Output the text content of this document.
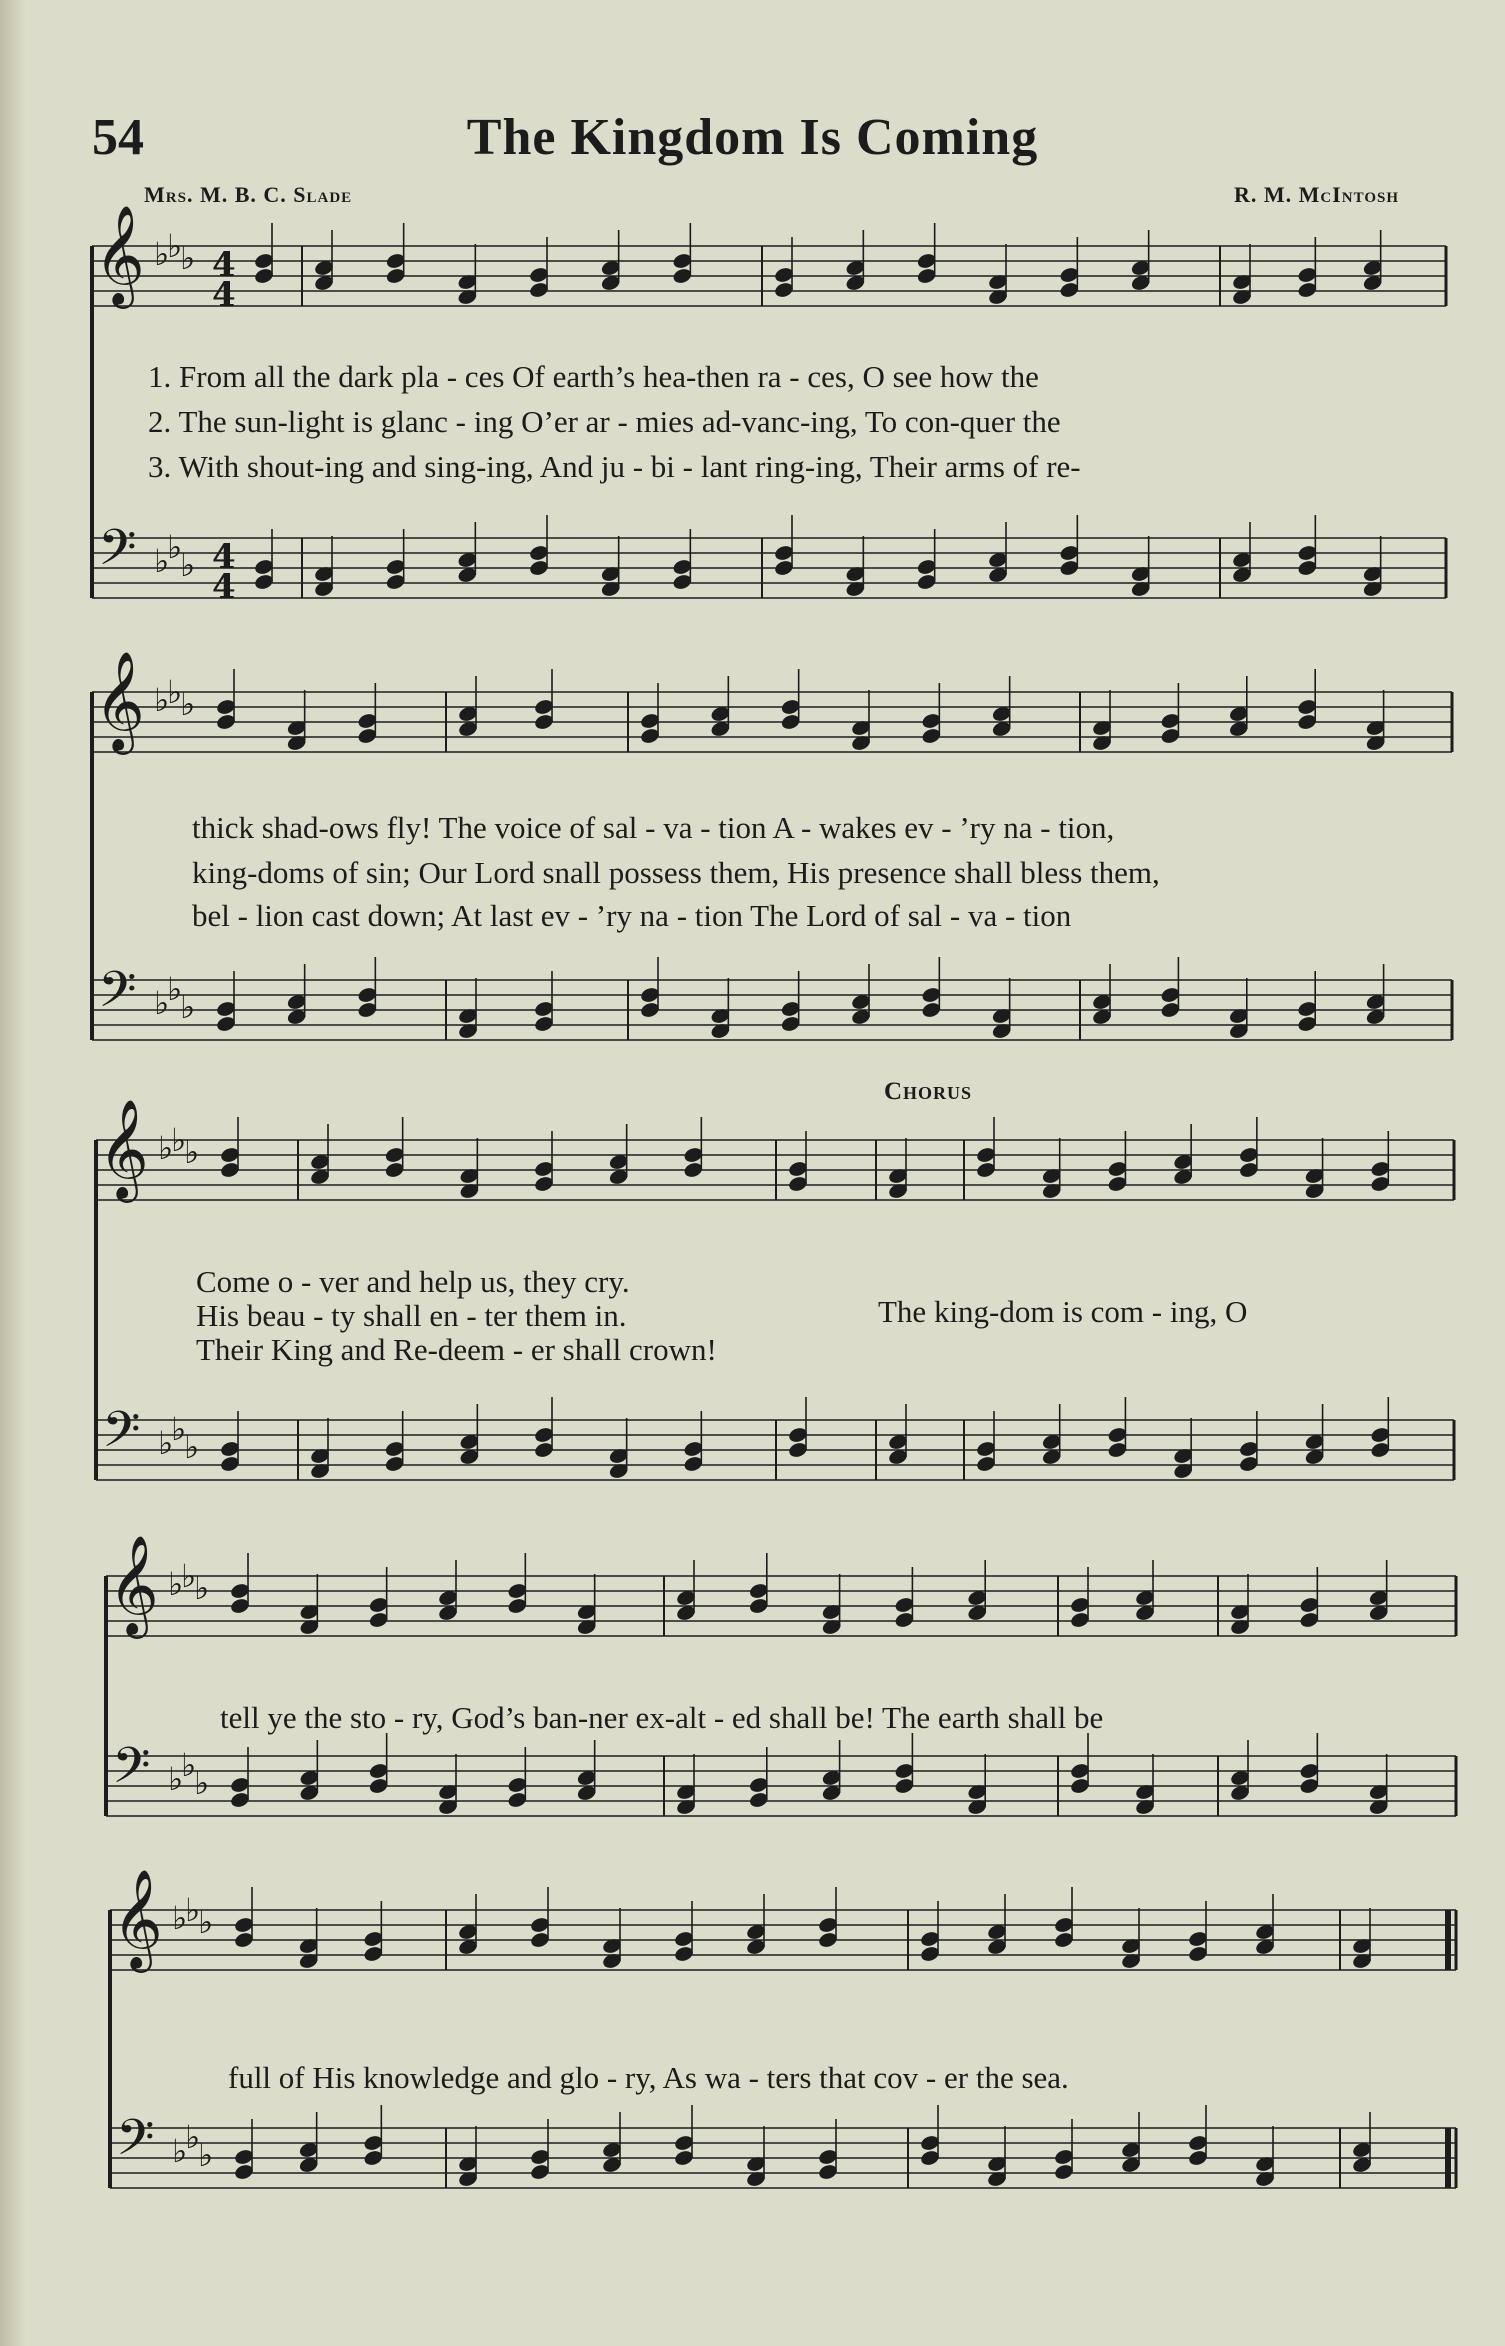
54	The Kingdom Is Coming
Mrs. M. B. C. Slade	R. M. McIntosh
𝄞
𝄢
♭
♭
♭
♭
♭
♭
4
4
4
4
𝄞
𝄢
♭
♭
♭
♭
♭
♭
𝄞
𝄢
♭
♭
♭
♭
♭
♭
𝄞
𝄢
♭
♭
♭
♭
♭
♭
𝄞
𝄢
♭
♭
♭
♭
♭
♭
Chorus
1. From all the dark pla - ces Of earth’s hea-then ra - ces, O see how the
2. The sun-light is glanc - ing O’er ar - mies ad-vanc-ing, To con-quer the
3. With shout-ing and sing-ing, And ju - bi - lant ring-ing, Their arms of re-
thick shad-ows fly! The voice of sal - va - tion A - wakes ev - ’ry na - tion,
king-doms of sin; Our Lord snall possess them, His presence shall bless them,
bel - lion cast down; At last ev - ’ry na - tion The Lord of sal - va - tion
Come o - ver and help us, they cry.
His beau - ty shall en - ter them in.	The king-dom is com - ing, O
Their King and Re-deem - er shall crown!
tell ye the sto - ry, God’s ban-ner ex-alt - ed shall be! The earth shall be
full of His knowledge and glo - ry, As wa - ters that cov - er the sea.
